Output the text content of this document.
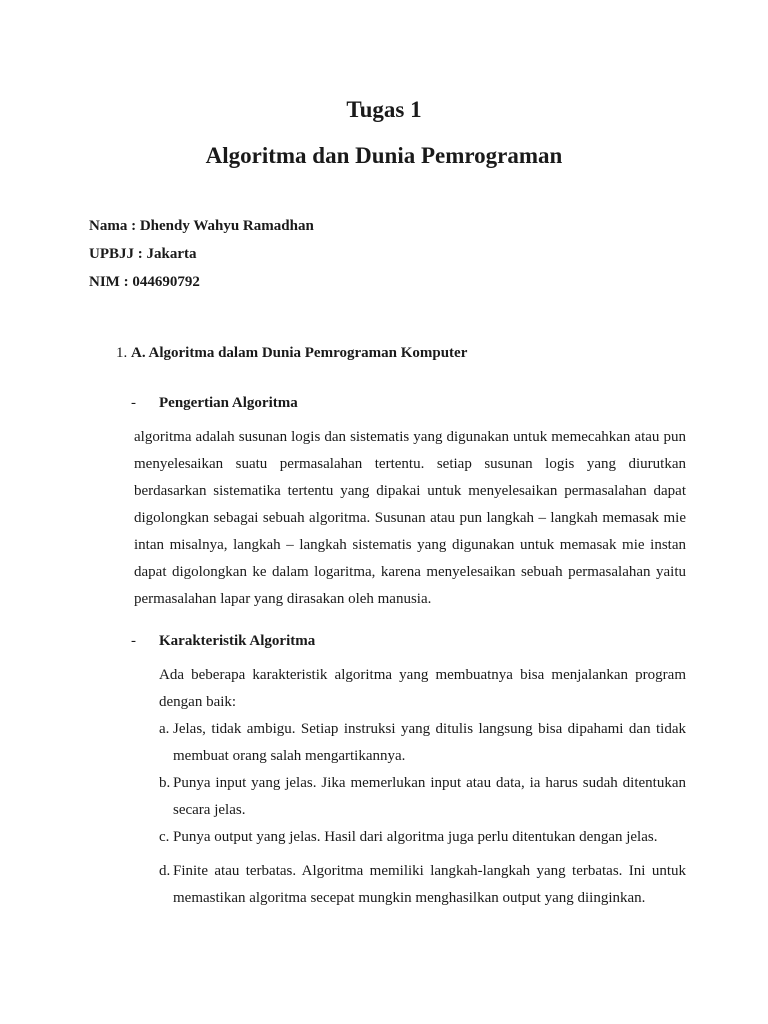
Tugas 1
Algoritma dan Dunia Pemrograman
Nama : Dhendy Wahyu Ramadhan
UPBJJ : Jakarta
NIM : 044690792
1. A. Algoritma dalam Dunia Pemrograman Komputer
- Pengertian Algoritma
algoritma adalah susunan logis dan sistematis yang digunakan untuk memecahkan atau pun
menyelesaikan suatu permasalahan tertentu. setiap susunan logis yang diurutkan
berdasarkan sistematika tertentu yang dipakai untuk menyelesaikan permasalahan dapat
digolongkan sebagai sebuah algoritma. Susunan atau pun langkah – langkah memasak mie
intan misalnya, langkah – langkah sistematis yang digunakan untuk memasak mie instan
dapat digolongkan ke dalam logaritma, karena menyelesaikan sebuah permasalahan yaitu
permasalahan lapar yang dirasakan oleh manusia.
- Karakteristik Algoritma
Ada beberapa karakteristik algoritma yang membuatnya bisa menjalankan program
dengan baik:
a. Jelas, tidak ambigu. Setiap instruksi yang ditulis langsung bisa dipahami dan tidak
membuat orang salah mengartikannya.
b. Punya input yang jelas. Jika memerlukan input atau data, ia harus sudah ditentukan
secara jelas.
c. Punya output yang jelas. Hasil dari algoritma juga perlu ditentukan dengan jelas.
d. Finite atau terbatas. Algoritma memiliki langkah-langkah yang terbatas. Ini untuk
memastikan algoritma secepat mungkin menghasilkan output yang diinginkan.
